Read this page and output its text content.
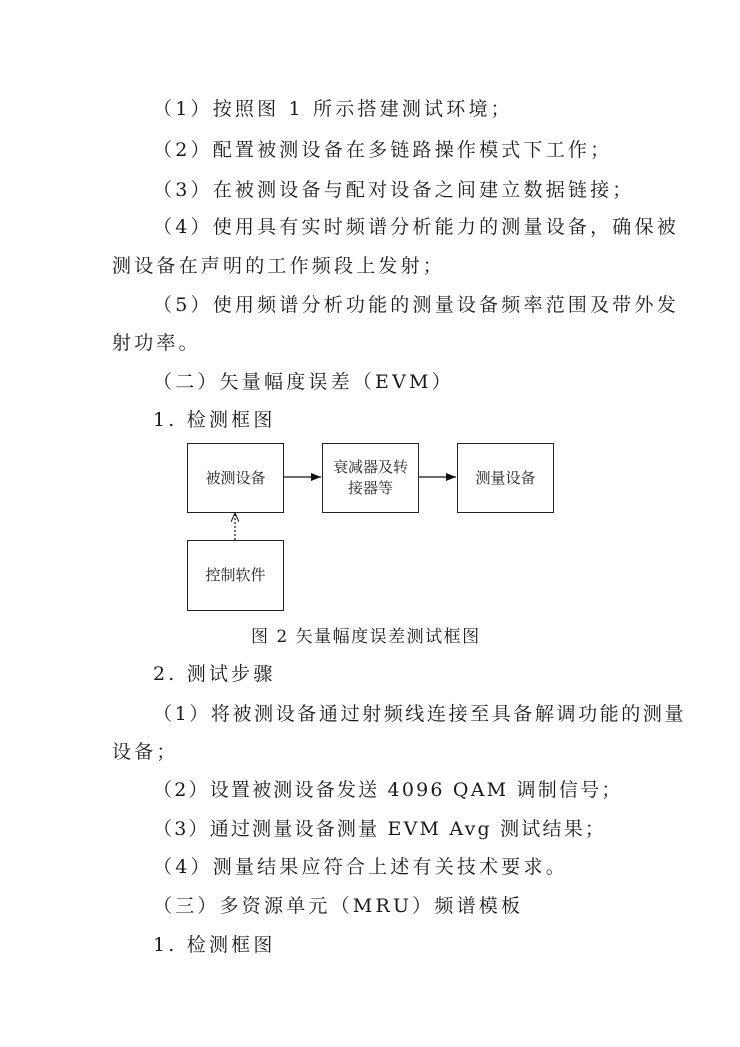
（1）按照图 1 所示搭建测试环境；
（2）配置被测设备在多链路操作模式下工作；
（3）在被测设备与配对设备之间建立数据链接；
（4）使用具有实时频谱分析能力的测量设备，确保被
测设备在声明的工作频段上发射；
（5）使用频谱分析功能的测量设备频率范围及带外发
射功率。
（二）矢量幅度误差（EVM）
1. 检测框图
被测设备
衰减器及转
接器等
测量设备
控制软件
图 2 矢量幅度误差测试框图
2. 测试步骤
（1）将被测设备通过射频线连接至具备解调功能的测量
设备；
（2）设置被测设备发送 4096 QAM 调制信号；
（3）通过测量设备测量 EVM Avg 测试结果；
（4）测量结果应符合上述有关技术要求。
（三）多资源单元（MRU）频谱模板
1. 检测框图
